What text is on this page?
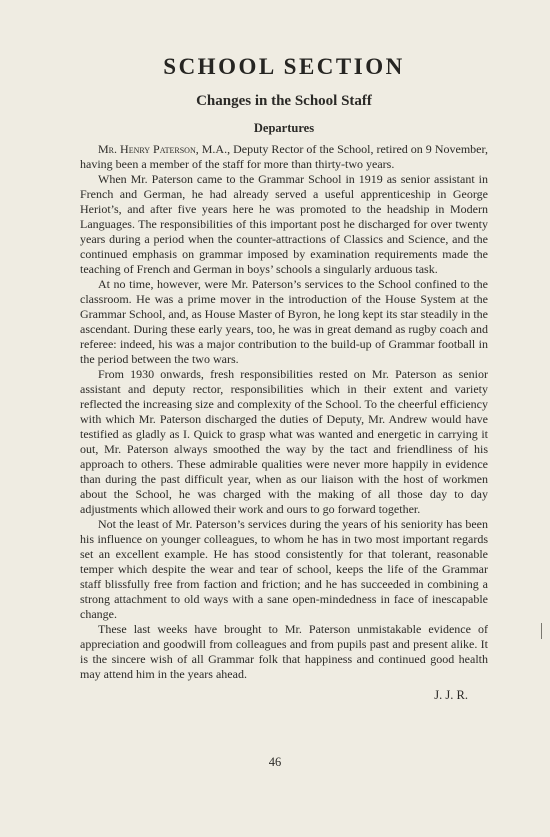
SCHOOL SECTION
Changes in the School Staff
Departures

Mr. Henry Paterson, M.A., Deputy Rector of the School, retired on 9 November, having been a member of the staff for more than thirty-two years.

When Mr. Paterson came to the Grammar School in 1919 as senior assistant in French and German, he had already served a useful apprenticeship in George Heriot’s, and after five years here he was promoted to the headship in Modern Languages. The responsibilities of this important post he discharged for over twenty years during a period when the counter-attractions of Classics and Science, and the continued emphasis on grammar imposed by examination requirements made the teaching of French and German in boys’ schools a singularly arduous task.

At no time, however, were Mr. Paterson’s services to the School confined to the classroom. He was a prime mover in the introduction of the House System at the Grammar School, and, as House Master of Byron, he long kept its star steadily in the ascendant. During these early years, too, he was in great demand as rugby coach and referee: indeed, his was a major contribution to the build-up of Grammar football in the period between the two wars.

From 1930 onwards, fresh responsibilities rested on Mr. Paterson as senior assistant and deputy rector, responsibilities which in their extent and variety reflected the increasing size and complexity of the School. To the cheerful efficiency with which Mr. Paterson discharged the duties of Deputy, Mr. Andrew would have testified as gladly as I. Quick to grasp what was wanted and energetic in carrying it out, Mr. Paterson always smoothed the way by the tact and friendliness of his approach to others. These admirable qualities were never more happily in evidence than during the past difficult year, when as our liaison with the host of workmen about the School, he was charged with the making of all those day to day adjustments which allowed their work and ours to go forward together.

Not the least of Mr. Paterson’s services during the years of his seniority has been his influence on younger colleagues, to whom he has in two most important regards set an excellent example. He has stood consistently for that tolerant, reasonable temper which despite the wear and tear of school, keeps the life of the Grammar staff blissfully free from faction and friction; and he has succeeded in combining a strong attachment to old ways with a sane open-mindedness in face of inescapable change.

These last weeks have brought to Mr. Paterson unmistakable evidence of appreciation and goodwill from colleagues and from pupils past and present alike. It is the sincere wish of all Grammar folk that happiness and continued good health may attend him in the years ahead.

J. J. R.
46
